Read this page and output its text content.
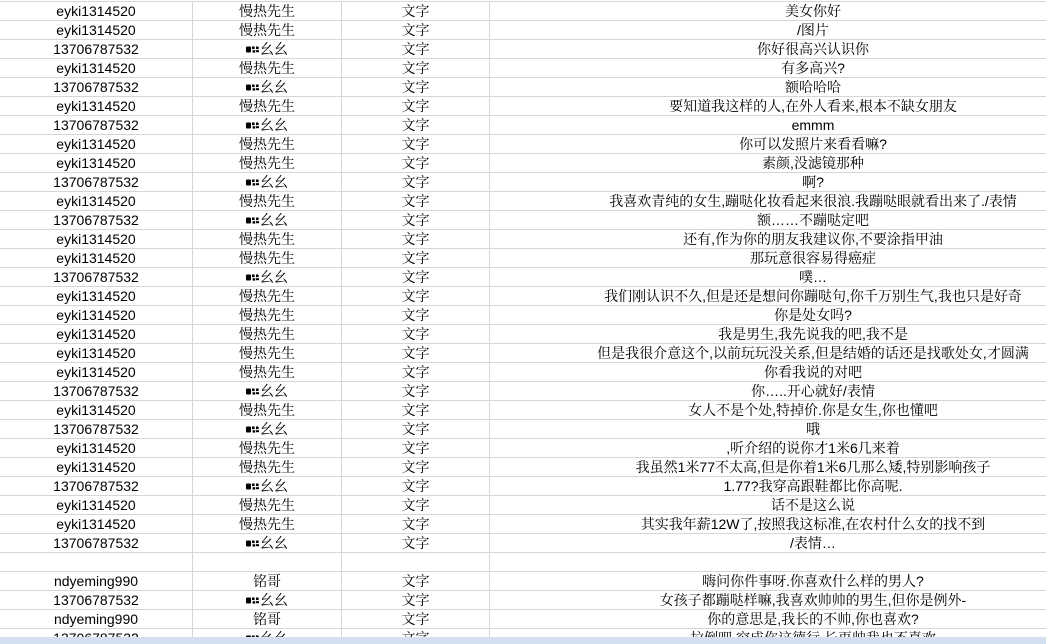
eyki1314520	慢热先生	文字	美女你好
eyki1314520	慢热先生	文字	/图片
13706787532	幺幺	文字	你好很高兴认识你
eyki1314520	慢热先生	文字	有多高兴?
13706787532	幺幺	文字	额哈哈哈
eyki1314520	慢热先生	文字	要知道我这样的人,在外人看来,根本不缺女朋友
13706787532	幺幺	文字	emmm
eyki1314520	慢热先生	文字	你可以发照片来看看嘛?
eyki1314520	慢热先生	文字	素颜,没滤镜那种
13706787532	幺幺	文字	啊?
eyki1314520	慢热先生	文字	我喜欢青纯的女生,蹦哒化妆看起来很浪.我蹦哒眼就看出来了./表情
13706787532	幺幺	文字	额……不蹦哒定吧
eyki1314520	慢热先生	文字	还有,作为你的朋友我建议你,不要涂指甲油
eyki1314520	慢热先生	文字	那玩意很容易得癌症
13706787532	幺幺	文字	噗…
eyki1314520	慢热先生	文字	我们刚认识不久,但是还是想问你蹦哒句,你千万别生气,我也只是好奇
eyki1314520	慢热先生	文字	你是处女吗?
eyki1314520	慢热先生	文字	我是男生,我先说我的吧,我不是
eyki1314520	慢热先生	文字	但是我很介意这个,以前玩玩没关系,但是结婚的话还是找歌处女,才圆满
eyki1314520	慢热先生	文字	你看我说的对吧
13706787532	幺幺	文字	你…..开心就好/表情
eyki1314520	慢热先生	文字	女人不是个处,特掉价.你是女生,你也懂吧
13706787532	幺幺	文字	哦
eyki1314520	慢热先生	文字	,听介绍的说你才1米6几来着
eyki1314520	慢热先生	文字	我虽然1米77不太高,但是你着1米6几那么矮,特别影响孩子
13706787532	幺幺	文字	1.77?我穿高跟鞋都比你高呢.
eyki1314520	慢热先生	文字	话不是这么说
eyki1314520	慢热先生	文字	其实我年薪12W了,按照我这标准,在农村什么女的找不到
13706787532	幺幺	文字	/表情…
ndyeming990	铭哥	文字	嗨问你件事呀.你喜欢什么样的男人?
13706787532	幺幺	文字	女孩子都蹦哒样嘛,我喜欢帅帅的男生,但你是例外-
ndyeming990	铭哥	文字	你的意思是,我长的不帅,你也喜欢?
